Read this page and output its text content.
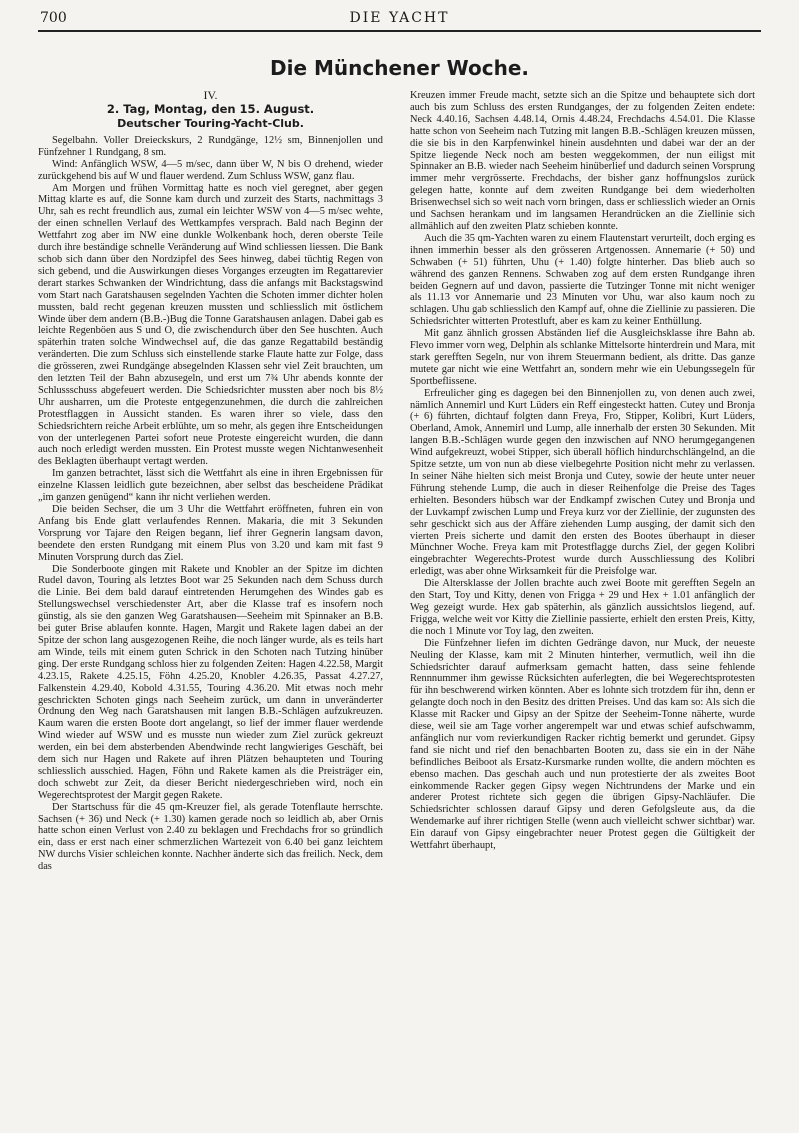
700	DIE YACHT
Die Münchener Woche.

IV.

2. Tag, Montag, den 15. August.

Deutscher Touring-Yacht-Club.

Segelbahn. Voller Dreieckskurs, 2 Rundgänge, 12½ sm, Binnenjollen und Fünfzehner 1 Rundgang, 8 sm.

Wind: Anfänglich WSW, 4—5 m/sec, dann über W, N bis O drehend, wieder zurückgehend bis auf W und flauer werdend. Zum Schluss WSW, ganz flau.

Am Morgen und frühen Vormittag hatte es noch viel geregnet, aber gegen Mittag klarte es auf, die Sonne kam durch und zurzeit des Starts, nachmittags 3 Uhr, sah es recht freundlich aus, zumal ein leichter WSW von 4—5 m/sec wehte, der einen schnellen Verlauf des Wettkampfes versprach. Bald nach Beginn der Wettfahrt zog aber im NW eine dunkle Wolkenbank hoch, deren oberste Teile durch ihre beständige schnelle Veränderung auf Wind schliessen liessen. Die Bank schob sich dann über den Nordzipfel des Sees hinweg, dabei tüchtig Regen von sich gebend, und die Auswirkungen dieses Vorganges erzeugten im Regattarevier derart starkes Schwanken der Windrichtung, dass die anfangs mit Backstagswind vom Start nach Garatshausen segelnden Yachten die Schoten immer dichter holen mussten, bald recht gegenan kreuzen mussten und schliesslich mit östlichem Winde über dem andern (B.B.-)Bug die Tonne Garatshausen anlagen. Dabei gab es leichte Regenböen aus S und O, die zwischendurch über den See huschten. Auch späterhin traten solche Windwechsel auf, die das ganze Regattabild beständig veränderten. Die zum Schluss sich einstellende starke Flaute hatte zur Folge, dass die grösseren, zwei Rundgänge absegelnden Klassen sehr viel Zeit brauchten, um den letzten Teil der Bahn abzusegeln, und erst um 7¾ Uhr abends konnte der Schlussschuss abgefeuert werden. Die Schiedsrichter mussten aber noch bis 8½ Uhr ausharren, um die Proteste entgegenzunehmen, die durch die zahlreichen Protestflaggen in Aussicht standen. Es waren ihrer so viele, dass den Schiedsrichtern reiche Arbeit erblühte, um so mehr, als gegen ihre Entscheidungen von der unterlegenen Partei sofort neue Proteste eingereicht wurden, die dann auch noch erledigt werden mussten. Ein Protest musste wegen Nichtanwesenheit des Beklagten überhaupt vertagt werden.

Im ganzen betrachtet, lässt sich die Wettfahrt als eine in ihren Ergebnissen für einzelne Klassen leidlich gute bezeichnen, aber selbst das bescheidene Prädikat „im ganzen genügend“ kann ihr nicht verliehen werden.

Die beiden Sechser, die um 3 Uhr die Wettfahrt eröffneten, fuhren ein von Anfang bis Ende glatt verlaufendes Rennen. Makaria, die mit 3 Sekunden Vorsprung vor Tajare den Reigen begann, lief ihrer Gegnerin langsam davon, beendete den ersten Rundgang mit einem Plus von 3.20 und kam mit fast 9 Minuten Vorsprung durch das Ziel.

Die Sonderboote gingen mit Rakete und Knobler an der Spitze im dichten Rudel davon, Touring als letztes Boot war 25 Sekunden nach dem Schuss durch die Linie. Bei dem bald darauf eintretenden Herumgehen des Windes gab es Stellungswechsel verschiedenster Art, aber die Klasse traf es insofern noch günstig, als sie den ganzen Weg Garatshausen—Seeheim mit Spinnaker an B.B. bei guter Brise ablaufen konnte. Hagen, Margit und Rakete lagen dabei an der Spitze der schon lang ausgezogenen Reihe, die noch länger wurde, als es teils hart am Winde, teils mit einem guten Schrick in den Schoten nach Tutzing hinüber ging. Der erste Rundgang schloss hier zu folgenden Zeiten: Hagen 4.22.58, Margit 4.23.15, Rakete 4.25.15, Föhn 4.25.20, Knobler 4.26.35, Passat 4.27.27, Falkenstein 4.29.40, Kobold 4.31.55, Touring 4.36.20. Mit etwas noch mehr geschrickten Schoten gings nach Seeheim zurück, um dann in unveränderter Ordnung den Weg nach Garatshausen mit langen B.B.-Schlägen aufzukreuzen. Kaum waren die ersten Boote dort angelangt, so lief der immer flauer werdende Wind wieder auf WSW und es musste nun wieder zum Ziel zurück gekreuzt werden, ein bei dem absterbenden Abendwinde recht langwieriges Geschäft, bei dem sich nur Hagen und Rakete auf ihren Plätzen behaupteten und Touring schliesslich ausschied. Hagen, Föhn und Rakete kamen als die Preisträger ein, doch schwebt zur Zeit, da dieser Bericht niedergeschrieben wird, noch ein Wegerechtsprotest der Margit gegen Rakete.

Der Startschuss für die 45 qm-Kreuzer fiel, als gerade Totenflaute herrschte. Sachsen (+ 36) und Neck (+ 1.30) kamen gerade noch so leidlich ab, aber Ornis hatte schon einen Verlust von 2.40 zu beklagen und Frechdachs fror so gründlich ein, dass er erst nach einer schmerzlichen Wartezeit von 6.40 bei ganz leichtem NW durchs Visier schleichen konnte. Nachher änderte sich das freilich. Neck, dem das

Kreuzen immer Freude macht, setzte sich an die Spitze und behauptete sich dort auch bis zum Schluss des ersten Rundganges, der zu folgenden Zeiten endete: Neck 4.40.16, Sachsen 4.48.14, Ornis 4.48.24, Frechdachs 4.54.01. Die Klasse hatte schon von Seeheim nach Tutzing mit langen B.B.-Schlägen kreuzen müssen, die sie bis in den Karpfenwinkel hinein ausdehnten und dabei war der an der Spitze liegende Neck noch am besten weggekommen, der nun eiligst mit Spinnaker an B.B. wieder nach Seeheim hinüberlief und dadurch seinen Vorsprung immer mehr vergrösserte. Frechdachs, der bisher ganz hoffnungslos zurück gelegen hatte, konnte auf dem zweiten Rundgange bei dem wiederholten Brisenwechsel sich so weit nach vorn bringen, dass er schliesslich wieder an Ornis und Sachsen herankam und im langsamen Herandrücken an die Ziellinie sich allmählich auf den zweiten Platz schieben konnte.

Auch die 35 qm-Yachten waren zu einem Flautenstart verurteilt, doch erging es ihnen immerhin besser als den grösseren Artgenossen. Annemarie (+ 50) und Schwaben (+ 51) führten, Uhu (+ 1.40) folgte hinterher. Das blieb auch so während des ganzen Rennens. Schwaben zog auf dem ersten Rundgange ihren beiden Gegnern auf und davon, passierte die Tutzinger Tonne mit nicht weniger als 11.13 vor Annemarie und 23 Minuten vor Uhu, war also kaum noch zu schlagen. Uhu gab schliesslich den Kampf auf, ohne die Ziellinie zu passieren. Die Schiedsrichter witterten Protestluft, aber es kam zu keiner Enthüllung.

Mit ganz ähnlich grossen Abständen lief die Ausgleichsklasse ihre Bahn ab. Flevo immer vorn weg, Delphin als schlanke Mittelsorte hinterdrein und Mara, mit stark gerefften Segeln, nur von ihrem Steuermann bedient, als dritte. Das ganze mutete gar nicht wie eine Wettfahrt an, sondern mehr wie ein Uebungssegeln für Sportbeflissene.

Erfreulicher ging es dagegen bei den Binnenjollen zu, von denen auch zwei, nämlich Annemirl und Kurt Lüders ein Reff eingesteckt hatten. Cutey und Bronja (+ 6) führten, dichtauf folgten dann Freya, Fro, Stipper, Kolibri, Kurt Lüders, Oberland, Amok, Annemirl und Lump, alle innerhalb der ersten 30 Sekunden. Mit langen B.B.-Schlägen wurde gegen den inzwischen auf NNO herumgegangenen Wind aufgekreuzt, wobei Stipper, sich überall höflich hindurchschlängelnd, an die Spitze setzte, um von nun ab diese vielbegehrte Position nicht mehr zu verlassen. In seiner Nähe hielten sich meist Bronja und Cutey, sowie der heute unter neuer Führung stehende Lump, die auch in dieser Reihenfolge die Preise des Tages erhielten. Besonders hübsch war der Endkampf zwischen Cutey und Bronja und der Luvkampf zwischen Lump und Freya kurz vor der Ziellinie, der zugunsten des sehr geschickt sich aus der Affäre ziehenden Lump ausging, der damit sich den vierten Preis sicherte und damit den ersten des Bootes überhaupt in dieser Münchner Woche. Freya kam mit Protestflagge durchs Ziel, der gegen Kolibri eingebrachter Wegerechts-Protest wurde durch Ausschliessung des Kolibri erledigt, was aber ohne Wirksamkeit für die Preisfolge war.

Die Altersklasse der Jollen brachte auch zwei Boote mit gerefften Segeln an den Start, Toy und Kitty, denen von Frigga + 29 und Hex + 1.01 anfänglich der Weg gezeigt wurde. Hex gab späterhin, als gänzlich aussichtslos liegend, auf. Frigga, welche weit vor Kitty die Ziellinie passierte, erhielt den ersten Preis, Kitty, die noch 1 Minute vor Toy lag, den zweiten.

Die Fünfzehner liefen im dichten Gedränge davon, nur Muck, der neueste Neuling der Klasse, kam mit 2 Minuten hinterher, vermutlich, weil ihn die Schiedsrichter darauf aufmerksam gemacht hatten, dass seine fehlende Rennnummer ihm gewisse Rücksichten auferlegten, die bei Wegerechtsprotesten für ihn beschwerend wirken könnten. Aber es lohnte sich trotzdem für ihn, denn er gelangte doch noch in den Besitz des dritten Preises. Und das kam so: Als sich die Klasse mit Racker und Gipsy an der Spitze der Seeheim-Tonne näherte, wurde diese, weil sie am Tage vorher angerempelt war und etwas schief aufschwamm, anfänglich nur vom revierkundigen Racker richtig bemerkt und gerundet. Gipsy fand sie nicht und rief den benachbarten Booten zu, dass sie ein in der Nähe befindliches Beiboot als Ersatz-Kursmarke runden wollte, die andern möchten es ebenso machen. Das geschah auch und nun protestierte der als zweites Boot einkommende Racker gegen Gipsy wegen Nichtrundens der Marke und ein anderer Protest richtete sich gegen die übrigen Gipsy-Nachläufer. Die Schiedsrichter schlossen darauf Gipsy und deren Gefolgsleute aus, da die Wendemarke auf ihrer richtigen Stelle (wenn auch vielleicht schwer sichtbar) war. Ein darauf von Gipsy eingebrachter neuer Protest gegen die Gültigkeit der Wettfahrt überhaupt,
